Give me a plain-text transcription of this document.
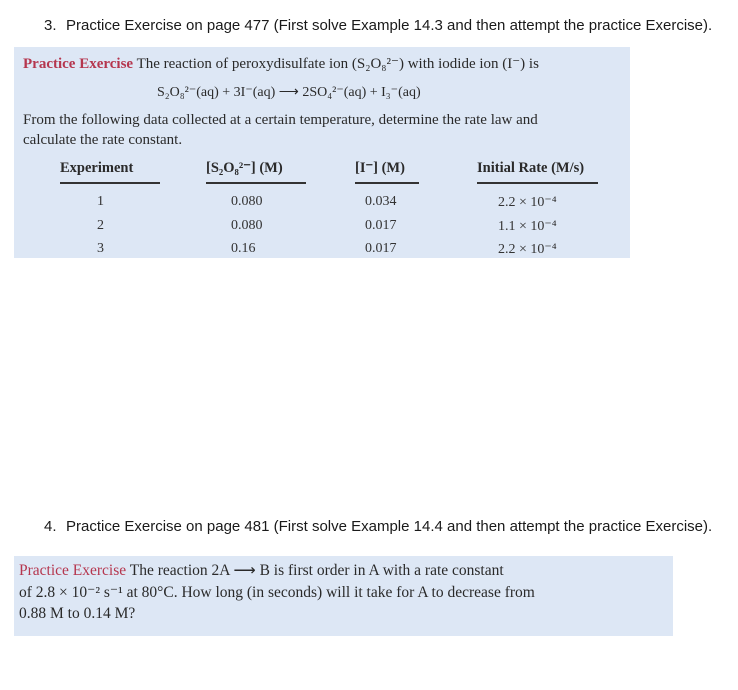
3. Practice Exercise on page 477 (First solve Example 14.3 and then attempt the practice Exercise).
Practice Exercise The reaction of peroxydisulfate ion (S₂O₈²⁻) with iodide ion (I⁻) is
S₂O₈²⁻(aq) + 3I⁻(aq) ⟶ 2SO₄²⁻(aq) + I₃⁻(aq)
From the following data collected at a certain temperature, determine the rate law and
calculate the rate constant.
Experiment	[S₂O₈²⁻] (M)	[I⁻] (M)	Initial Rate (M/s)
1	0.080	0.034	2.2 × 10⁻⁴
2	0.080	0.017	1.1 × 10⁻⁴
3	0.16	0.017	2.2 × 10⁻⁴
4. Practice Exercise on page 481 (First solve Example 14.4 and then attempt the practice Exercise).
Practice Exercise The reaction 2A ⟶ B is first order in A with a rate constant
of 2.8 × 10⁻² s⁻¹ at 80°C. How long (in seconds) will it take for A to decrease from
0.88 M to 0.14 M?
